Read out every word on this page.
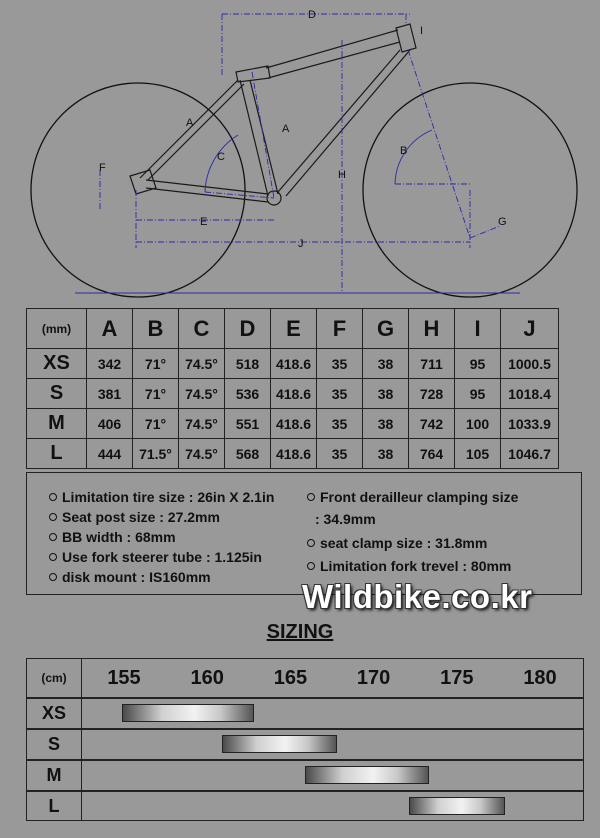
D
A	A
C
F
E
J
H
B
G
I
(mm)	A	B	C	D	E	F	G	H	I	J
XS	342	71°	74.5°	518	418.6	35	38	711	95	1000.5
S	381	71°	74.5°	536	418.6	35	38	728	95	1018.4
M	406	71°	74.5°	551	418.6	35	38	742	100	1033.9
L	444	71.5°	74.5°	568	418.6	35	38	764	105	1046.7
Limitation tire size : 26in X 2.1in
Seat post size : 27.2mm
BB width : 68mm
Use fork steerer tube : 1.125in
disk mount : IS160mm
Front derailleur clamping size
: 34.9mm
seat clamp size : 31.8mm
Limitation fork trevel : 80mm
Wildbike.co.kr
SIZING
(cm)	155	160	165	170	175	180
XS
S
M
L
